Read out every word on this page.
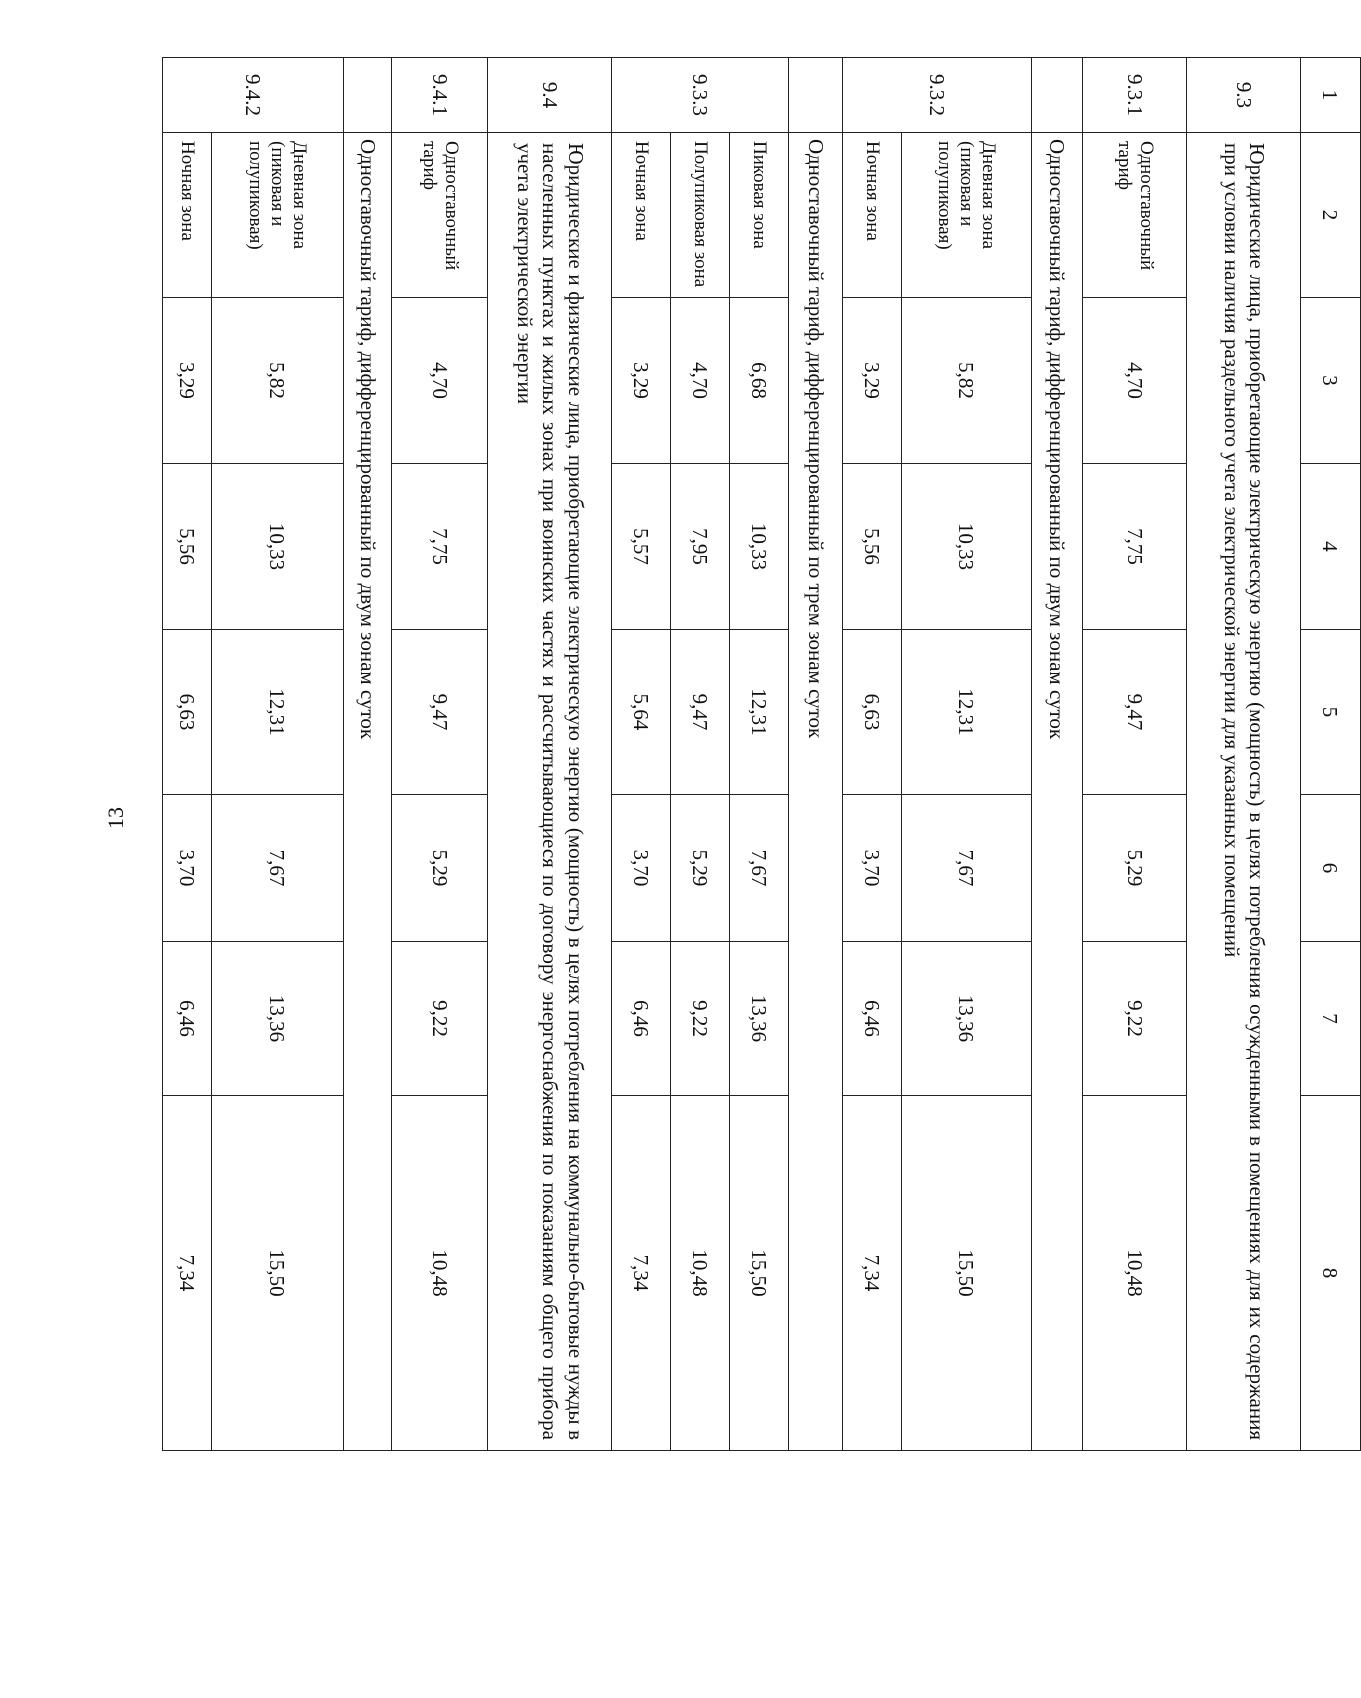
13
1	2	3	4	5	6	7	8
9.3	Юридические лица, приобретающие электрическую энергию (мощность) в целях потребления осужденными в помещениях для их содержания при условии наличия раздельного учета электрической энергии для указанных помещений						
9.3.1	Одноставочный тариф	4,70	7,75	9,47	5,29	9,22	10,48
	Одноставочный тариф, дифференцированный по двум зонам суток						
9.3.2	Дневная зона (пиковая и полупиковая)	5,82	10,33	12,31	7,67	13,36	15,50
	Ночная зона	3,29	5,56	6,63	3,70	6,46	7,34
	Одноставочный тариф, дифференцированный по трем зонам суток						
9.3.3	Пиковая зона	6,68	10,33	12,31	7,67	13,36	15,50
	Полупиковая зона	4,70	7,95	9,47	5,29	9,22	10,48
	Ночная зона	3,29	5,57	5,64	3,70	6,46	7,34
9.4	Юридические и физические лица, приобретающие электрическую энергию (мощность) в целях потребления на коммунально-бытовые нужды в населенных пунктах и жилых зонах при воинских частях и рассчитывающиеся по договору энергоснабжения по показаниям общего прибора учета электрической энергии						
9.4.1	Одноставочный тариф	4,70	7,75	9,47	5,29	9,22	10,48
	Одноставочный тариф, дифференцированный по двум зонам суток						
9.4.2	Дневная зона (пиковая и полупиковая)	5,82	10,33	12,31	7,67	13,36	15,50
	Ночная зона	3,29	5,56	6,63	3,70	6,46	7,34
